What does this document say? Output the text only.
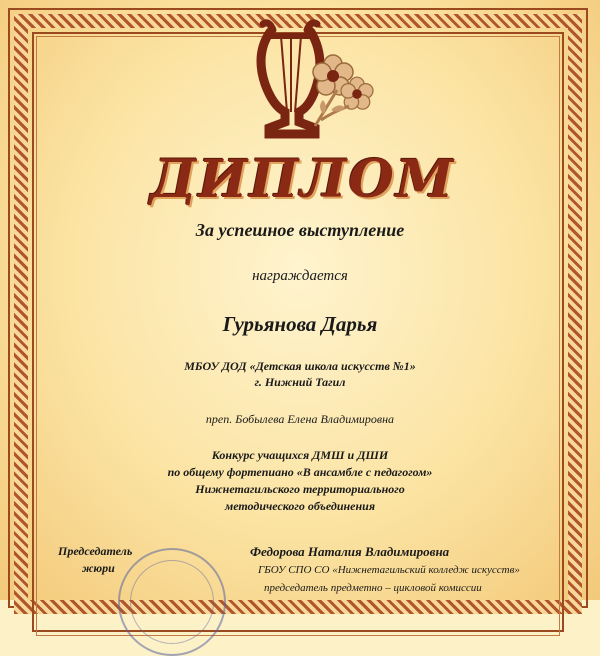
ДИПЛОМ
За успешное выступление
награждается
Гурьянова Дарья
МБОУ ДОД «Детская школа искусств №1»
г. Нижний Тагил
преп. Бобылева Елена Владимировна
Конкурс учащихся ДМШ и ДШИ
по общему фортепиано «В ансамбле с педагогом»
Нижнетагильского территориального
методического объединения
Председатель
жюри
Федорова Наталия Владимировна
ГБОУ СПО СО «Нижнетагильский колледж искусств»
председатель предметно – цикловой комиссии
